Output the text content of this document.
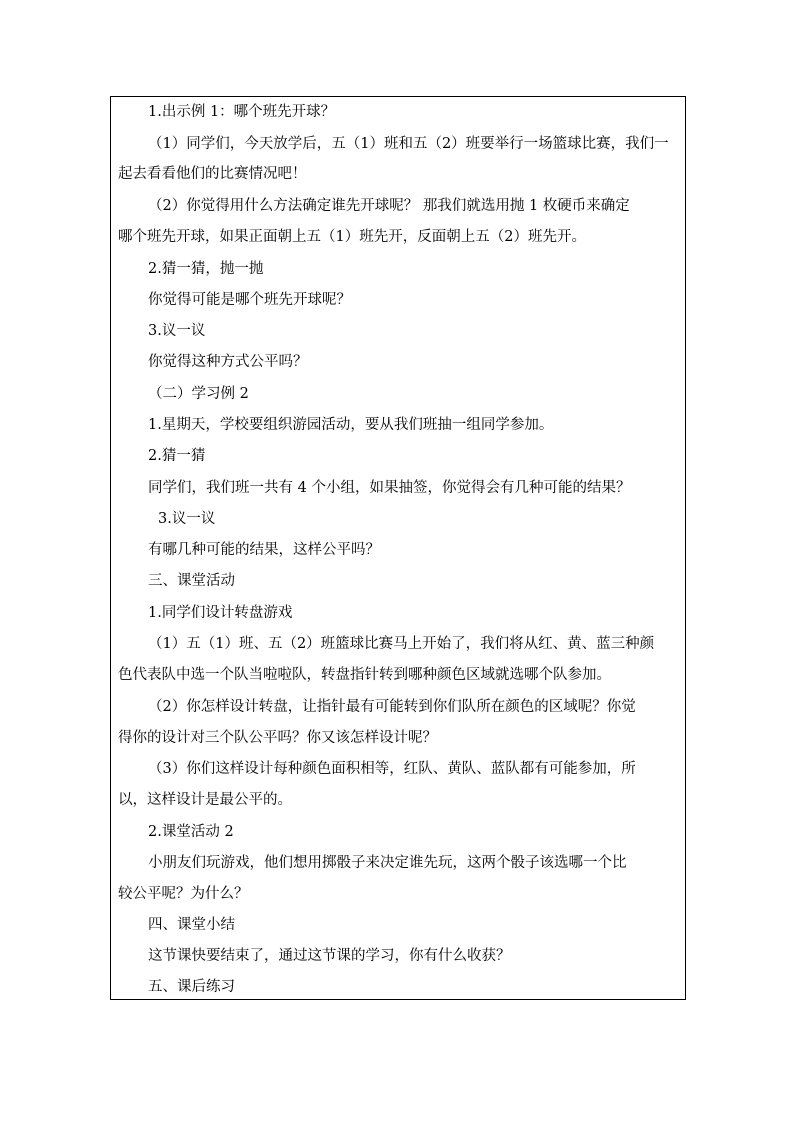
1.出示例 1：哪个班先开球？
（1）同学们，今天放学后，五（1）班和五（2）班要举行一场篮球比赛，我们一
起去看看他们的比赛情况吧！
（2）你觉得用什么方法确定谁先开球呢？ 那我们就选用抛 1 枚硬币来确定
哪个班先开球，如果正面朝上五（1）班先开，反面朝上五（2）班先开。
2.猜一猜，抛一抛
你觉得可能是哪个班先开球呢？
3.议一议
你觉得这种方式公平吗？
（二）学习例 2
1.星期天，学校要组织游园活动，要从我们班抽一组同学参加。
2.猜一猜
同学们，我们班一共有 4 个小组，如果抽签，你觉得会有几种可能的结果？
3.议一议
有哪几种可能的结果，这样公平吗？
三、课堂活动
1.同学们设计转盘游戏
（1）五（1）班、五（2）班篮球比赛马上开始了，我们将从红、黄、蓝三种颜
色代表队中选一个队当啦啦队，转盘指针转到哪种颜色区域就选哪个队参加。
（2）你怎样设计转盘，让指针最有可能转到你们队所在颜色的区域呢？你觉
得你的设计对三个队公平吗？你又该怎样设计呢？
（3）你们这样设计每种颜色面积相等，红队、黄队、蓝队都有可能参加，所
以，这样设计是最公平的。
2.课堂活动 2
小朋友们玩游戏，他们想用掷骰子来决定谁先玩，这两个骰子该选哪一个比
较公平呢？为什么？
四、课堂小结
这节课快要结束了，通过这节课的学习，你有什么收获？
五、课后练习
